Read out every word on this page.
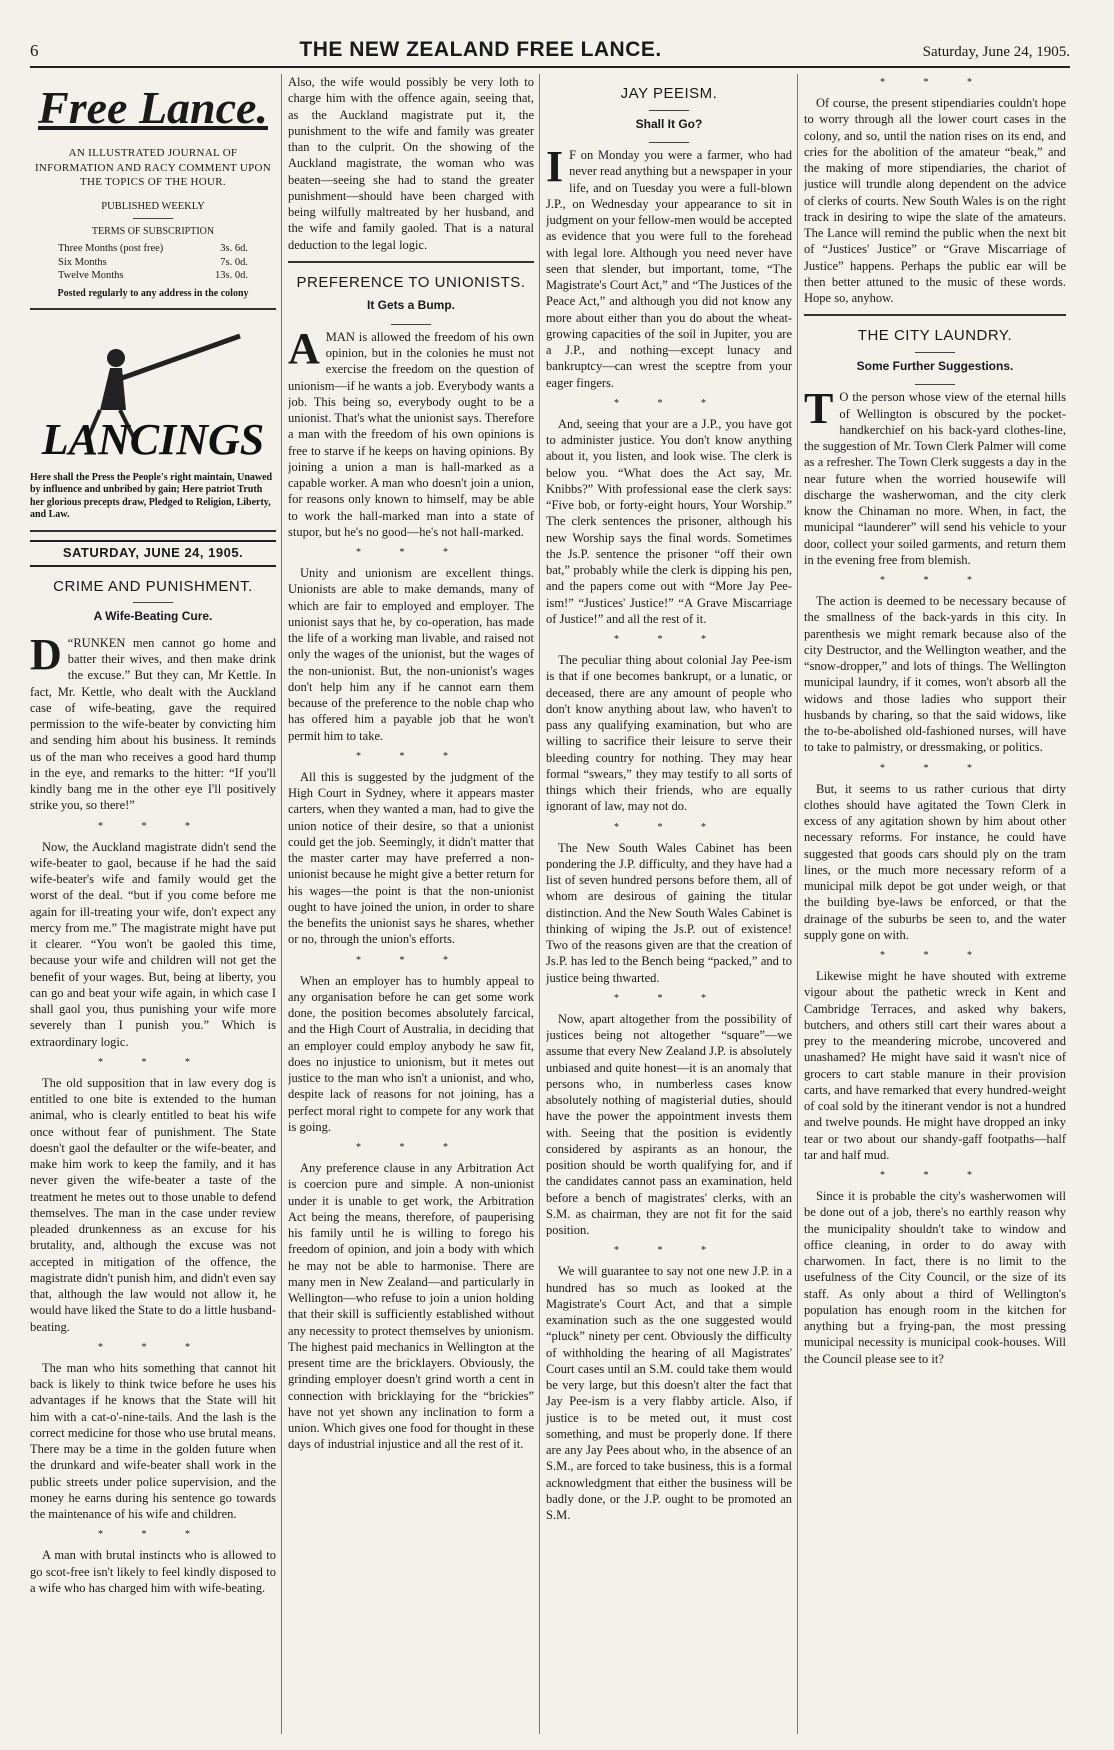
6	THE NEW ZEALAND FREE LANCE.	Saturday, June 24, 1905.
Free Lance.
AN ILLUSTRATED JOURNAL OF INFORMATION AND RACY COMMENT UPON THE TOPICS OF THE HOUR.
PUBLISHED WEEKLY
TERMS OF SUBSCRIPTION
Three Months (post free)	3s. 6d.
Six Months	7s. 0d.
Twelve Months	13s. 0d.
Posted regularly to any address in the colony
LANCINGS
Here shall the Press the People's right maintain, Unawed by influence and unbribed by gain; Here patriot Truth her glorious precepts draw, Pledged to Religion, Liberty, and Law.
SATURDAY, JUNE 24, 1905.
CRIME AND PUNISHMENT.
A Wife-Beating Cure.

D “RUNKEN men cannot go home and batter their wives, and then make drink the excuse.” But they can, Mr Kettle. In fact, Mr. Kettle, who dealt with the Auckland case of wife-beating, gave the required permission to the wife-beater by convicting him and sending him about his business. It reminds us of the man who receives a good hard thump in the eye, and remarks to the hitter: “If you'll kindly bang me in the other eye I'll positively strike you, so there!”

* * *

Now, the Auckland magistrate didn't send the wife-beater to gaol, because if he had the said wife-beater's wife and family would get the worst of the deal. “but if you come before me again for ill-treating your wife, don't expect any mercy from me.” The magistrate might have put it clearer. “You won't be gaoled this time, because your wife and children will not get the benefit of your wages. But, being at liberty, you can go and beat your wife again, in which case I shall gaol you, thus punishing your wife more severely than I punish you.” Which is extraordinary logic.

* * *

The old supposition that in law every dog is entitled to one bite is extended to the human animal, who is clearly entitled to beat his wife once without fear of punishment. The State doesn't gaol the defaulter or the wife-beater, and make him work to keep the family, and it has never given the wife-beater a taste of the treatment he metes out to those unable to defend themselves. The man in the case under review pleaded drunkenness as an excuse for his brutality, and, although the excuse was not accepted in mitigation of the offence, the magistrate didn't punish him, and didn't even say that, although the law would not allow it, he would have liked the State to do a little husband-beating.

* * *

The man who hits something that cannot hit back is likely to think twice before he uses his advantages if he knows that the State will hit him with a cat-o'-nine-tails. And the lash is the correct medicine for those who use brutal means. There may be a time in the golden future when the drunkard and wife-beater shall work in the public streets under police supervision, and the money he earns during his sentence go towards the maintenance of his wife and children.

* * *

A man with brutal instincts who is allowed to go scot-free isn't likely to feel kindly disposed to a wife who has charged him with wife-beating.

Also, the wife would possibly be very loth to charge him with the offence again, seeing that, as the Auckland magistrate put it, the punishment to the wife and family was greater than to the culprit. On the showing of the Auckland magistrate, the woman who was beaten—seeing she had to stand the greater punishment—should have been charged with being wilfully maltreated by her husband, and the wife and family gaoled. That is a natural deduction to the legal logic.

PREFERENCE TO UNIONISTS.
It Gets a Bump.

AMAN is allowed the freedom of his own opinion, but in the colonies he must not exercise the freedom on the question of unionism—if he wants a job. Everybody wants a job. This being so, everybody ought to be a unionist. That's what the unionist says. Therefore a man with the freedom of his own opinions is free to starve if he keeps on having opinions. By joining a union a man is hall-marked as a capable worker. A man who doesn't join a union, for reasons only known to himself, may be able to work the hall-marked man into a state of stupor, but he's no good—he's not hall-marked.

* * *

Unity and unionism are excellent things. Unionists are able to make demands, many of which are fair to employed and employer. The unionist says that he, by co-operation, has made the life of a working man livable, and raised not only the wages of the unionist, but the wages of the non-unionist. But, the non-unionist's wages don't help him any if he cannot earn them because of the preference to the noble chap who has offered him a payable job that he won't permit him to take.

* * *

All this is suggested by the judgment of the High Court in Sydney, where it appears master carters, when they wanted a man, had to give the union notice of their desire, so that a unionist could get the job. Seemingly, it didn't matter that the master carter may have preferred a non-unionist because he might give a better return for his wages—the point is that the non-unionist ought to have joined the union, in order to share the benefits the unionist says he shares, whether or no, through the union's efforts.

* * *

When an employer has to humbly appeal to any organisation before he can get some work done, the position becomes absolutely farcical, and the High Court of Australia, in deciding that an employer could employ anybody he saw fit, does no injustice to unionism, but it metes out justice to the man who isn't a unionist, and who, despite lack of reasons for not joining, has a perfect moral right to compete for any work that is going.

* * *

Any preference clause in any Arbitration Act is coercion pure and simple. A non-unionist under it is unable to get work, the Arbitration Act being the means, therefore, of pauperising his family until he is willing to forego his freedom of opinion, and join a body with which he may not be able to harmonise. There are many men in New Zealand—and particularly in Wellington—who refuse to join a union holding that their skill is sufficiently established without any necessity to protect themselves by unionism. The highest paid mechanics in Wellington at the present time are the bricklayers. Obviously, the grinding employer doesn't grind worth a cent in connection with bricklaying for the “brickies” have not yet shown any inclination to form a union. Which gives one food for thought in these days of industrial injustice and all the rest of it.

JAY PEEISM.
Shall It Go?

I F on Monday you were a farmer, who had never read anything but a newspaper in your life, and on Tuesday you were a full-blown J.P., on Wednesday your appearance to sit in judgment on your fellow-men would be accepted as evidence that you were full to the forehead with legal lore. Although you need never have seen that slender, but important, tome, “The Magistrate's Court Act,” and “The Justices of the Peace Act,” and although you did not know any more about either than you do about the wheat-growing capacities of the soil in Jupiter, you are a J.P., and nothing—except lunacy and bankruptcy—can wrest the sceptre from your eager fingers.

* * *

And, seeing that your are a J.P., you have got to administer justice. You don't know anything about it, you listen, and look wise. The clerk is below you. “What does the Act say, Mr. Knibbs?” With professional ease the clerk says: “Five bob, or forty-eight hours, Your Worship.” The clerk sentences the prisoner, although his new Worship says the final words. Sometimes the Js.P. sentence the prisoner “off their own bat,” probably while the clerk is dipping his pen, and the papers come out with “More Jay Pee-ism!” “Justices' Justice!” “A Grave Miscarriage of Justice!” and all the rest of it.

* * *

The peculiar thing about colonial Jay Pee-ism is that if one becomes bankrupt, or a lunatic, or deceased, there are any amount of people who don't know anything about law, who haven't to pass any qualifying examination, but who are willing to sacrifice their leisure to serve their bleeding country for nothing. They may hear formal “swears,” they may testify to all sorts of things which their friends, who are equally ignorant of law, may not do.

* * *

The New South Wales Cabinet has been pondering the J.P. difficulty, and they have had a list of seven hundred persons before them, all of whom are desirous of gaining the titular distinction. And the New South Wales Cabinet is thinking of wiping the Js.P. out of existence! Two of the reasons given are that the creation of Js.P. has led to the Bench being “packed,” and to justice being thwarted.

* * *

Now, apart altogether from the possibility of justices being not altogether “square”—we assume that every New Zealand J.P. is absolutely unbiased and quite honest—it is an anomaly that persons who, in numberless cases know absolutely nothing of magisterial duties, should have the power the appointment invests them with. Seeing that the position is evidently considered by aspirants as an honour, the position should be worth qualifying for, and if the candidates cannot pass an examination, held before a bench of magistrates' clerks, with an S.M. as chairman, they are not fit for the said position.

* * *

We will guarantee to say not one new J.P. in a hundred has so much as looked at the Magistrate's Court Act, and that a simple examination such as the one suggested would “pluck” ninety per cent. Obviously the difficulty of withholding the hearing of all Magistrates' Court cases until an S.M. could take them would be very large, but this doesn't alter the fact that Jay Pee-ism is a very flabby article. Also, if justice is to be meted out, it must cost something, and must be properly done. If there are any Jay Pees about who, in the absence of an S.M., are forced to take business, this is a formal acknowledgment that either the business will be badly done, or the J.P. ought to be promoted an S.M.

* * *

Of course, the present stipendiaries couldn't hope to worry through all the lower court cases in the colony, and so, until the nation rises on its end, and cries for the abolition of the amateur “beak,” and the making of more stipendiaries, the chariot of justice will trundle along dependent on the advice of clerks of courts. New South Wales is on the right track in desiring to wipe the slate of the amateurs. The Lance will remind the public when the next bit of “Justices' Justice” or “Grave Miscarriage of Justice” happens. Perhaps the public ear will be then better attuned to the music of these words. Hope so, anyhow.

THE CITY LAUNDRY.
Some Further Suggestions.

T O the person whose view of the eternal hills of Wellington is obscured by the pocket-handkerchief on his back-yard clothes-line, the suggestion of Mr. Town Clerk Palmer will come as a refresher. The Town Clerk suggests a day in the near future when the worried housewife will discharge the washerwoman, and the city clerk know the Chinaman no more. When, in fact, the municipal “launderer” will send his vehicle to your door, collect your soiled garments, and return them in the evening free from blemish.

* * *

The action is deemed to be necessary because of the smallness of the back-yards in this city. In parenthesis we might remark because also of the city Destructor, and the Wellington weather, and the “snow-dropper,” and lots of things. The Wellington municipal laundry, if it comes, won't absorb all the widows and those ladies who support their husbands by charing, so that the said widows, like the to-be-abolished old-fashioned nurses, will have to take to palmistry, or dressmaking, or politics.

* * *

But, it seems to us rather curious that dirty clothes should have agitated the Town Clerk in excess of any agitation shown by him about other necessary reforms. For instance, he could have suggested that goods cars should ply on the tram lines, or the much more necessary reform of a municipal milk depot be got under weigh, or that the building bye-laws be enforced, or that the drainage of the suburbs be seen to, and the water supply gone on with.

* * *

Likewise might he have shouted with extreme vigour about the pathetic wreck in Kent and Cambridge Terraces, and asked why bakers, butchers, and others still cart their wares about a prey to the meandering microbe, uncovered and unashamed? He might have said it wasn't nice of grocers to cart stable manure in their provision carts, and have remarked that every hundred-weight of coal sold by the itinerant vendor is not a hundred and twelve pounds. He might have dropped an inky tear or two about our shandy-gaff footpaths—half tar and half mud.

* * *

Since it is probable the city's washerwomen will be done out of a job, there's no earthly reason why the municipality shouldn't take to window and office cleaning, in order to do away with charwomen. In fact, there is no limit to the usefulness of the City Council, or the size of its staff. As only about a third of Wellington's population has enough room in the kitchen for anything but a frying-pan, the most pressing municipal necessity is municipal cook-houses. Will the Council please see to it?
